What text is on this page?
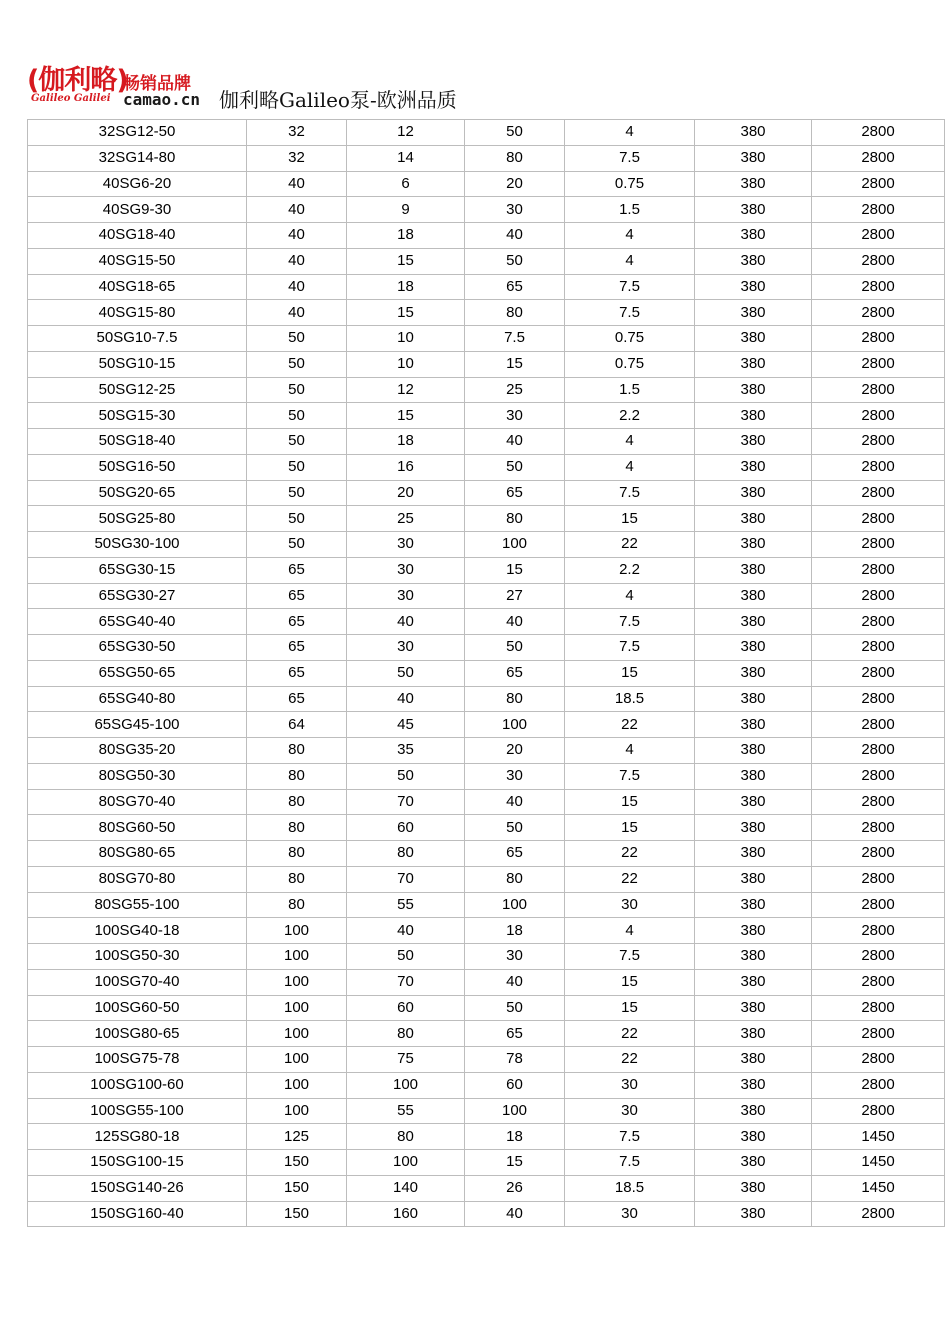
(伽利略)
Galileo Galilei
畅销品牌
camao.cn 伽利略Galileo泵-欧洲品质
32SG12-50	32	12	50	4	380	2800
32SG14-80	32	14	80	7.5	380	2800
40SG6-20	40	6	20	0.75	380	2800
40SG9-30	40	9	30	1.5	380	2800
40SG18-40	40	18	40	4	380	2800
40SG15-50	40	15	50	4	380	2800
40SG18-65	40	18	65	7.5	380	2800
40SG15-80	40	15	80	7.5	380	2800
50SG10-7.5	50	10	7.5	0.75	380	2800
50SG10-15	50	10	15	0.75	380	2800
50SG12-25	50	12	25	1.5	380	2800
50SG15-30	50	15	30	2.2	380	2800
50SG18-40	50	18	40	4	380	2800
50SG16-50	50	16	50	4	380	2800
50SG20-65	50	20	65	7.5	380	2800
50SG25-80	50	25	80	15	380	2800
50SG30-100	50	30	100	22	380	2800
65SG30-15	65	30	15	2.2	380	2800
65SG30-27	65	30	27	4	380	2800
65SG40-40	65	40	40	7.5	380	2800
65SG30-50	65	30	50	7.5	380	2800
65SG50-65	65	50	65	15	380	2800
65SG40-80	65	40	80	18.5	380	2800
65SG45-100	64	45	100	22	380	2800
80SG35-20	80	35	20	4	380	2800
80SG50-30	80	50	30	7.5	380	2800
80SG70-40	80	70	40	15	380	2800
80SG60-50	80	60	50	15	380	2800
80SG80-65	80	80	65	22	380	2800
80SG70-80	80	70	80	22	380	2800
80SG55-100	80	55	100	30	380	2800
100SG40-18	100	40	18	4	380	2800
100SG50-30	100	50	30	7.5	380	2800
100SG70-40	100	70	40	15	380	2800
100SG60-50	100	60	50	15	380	2800
100SG80-65	100	80	65	22	380	2800
100SG75-78	100	75	78	22	380	2800
100SG100-60	100	100	60	30	380	2800
100SG55-100	100	55	100	30	380	2800
125SG80-18	125	80	18	7.5	380	1450
150SG100-15	150	100	15	7.5	380	1450
150SG140-26	150	140	26	18.5	380	1450
150SG160-40	150	160	40	30	380	2800
